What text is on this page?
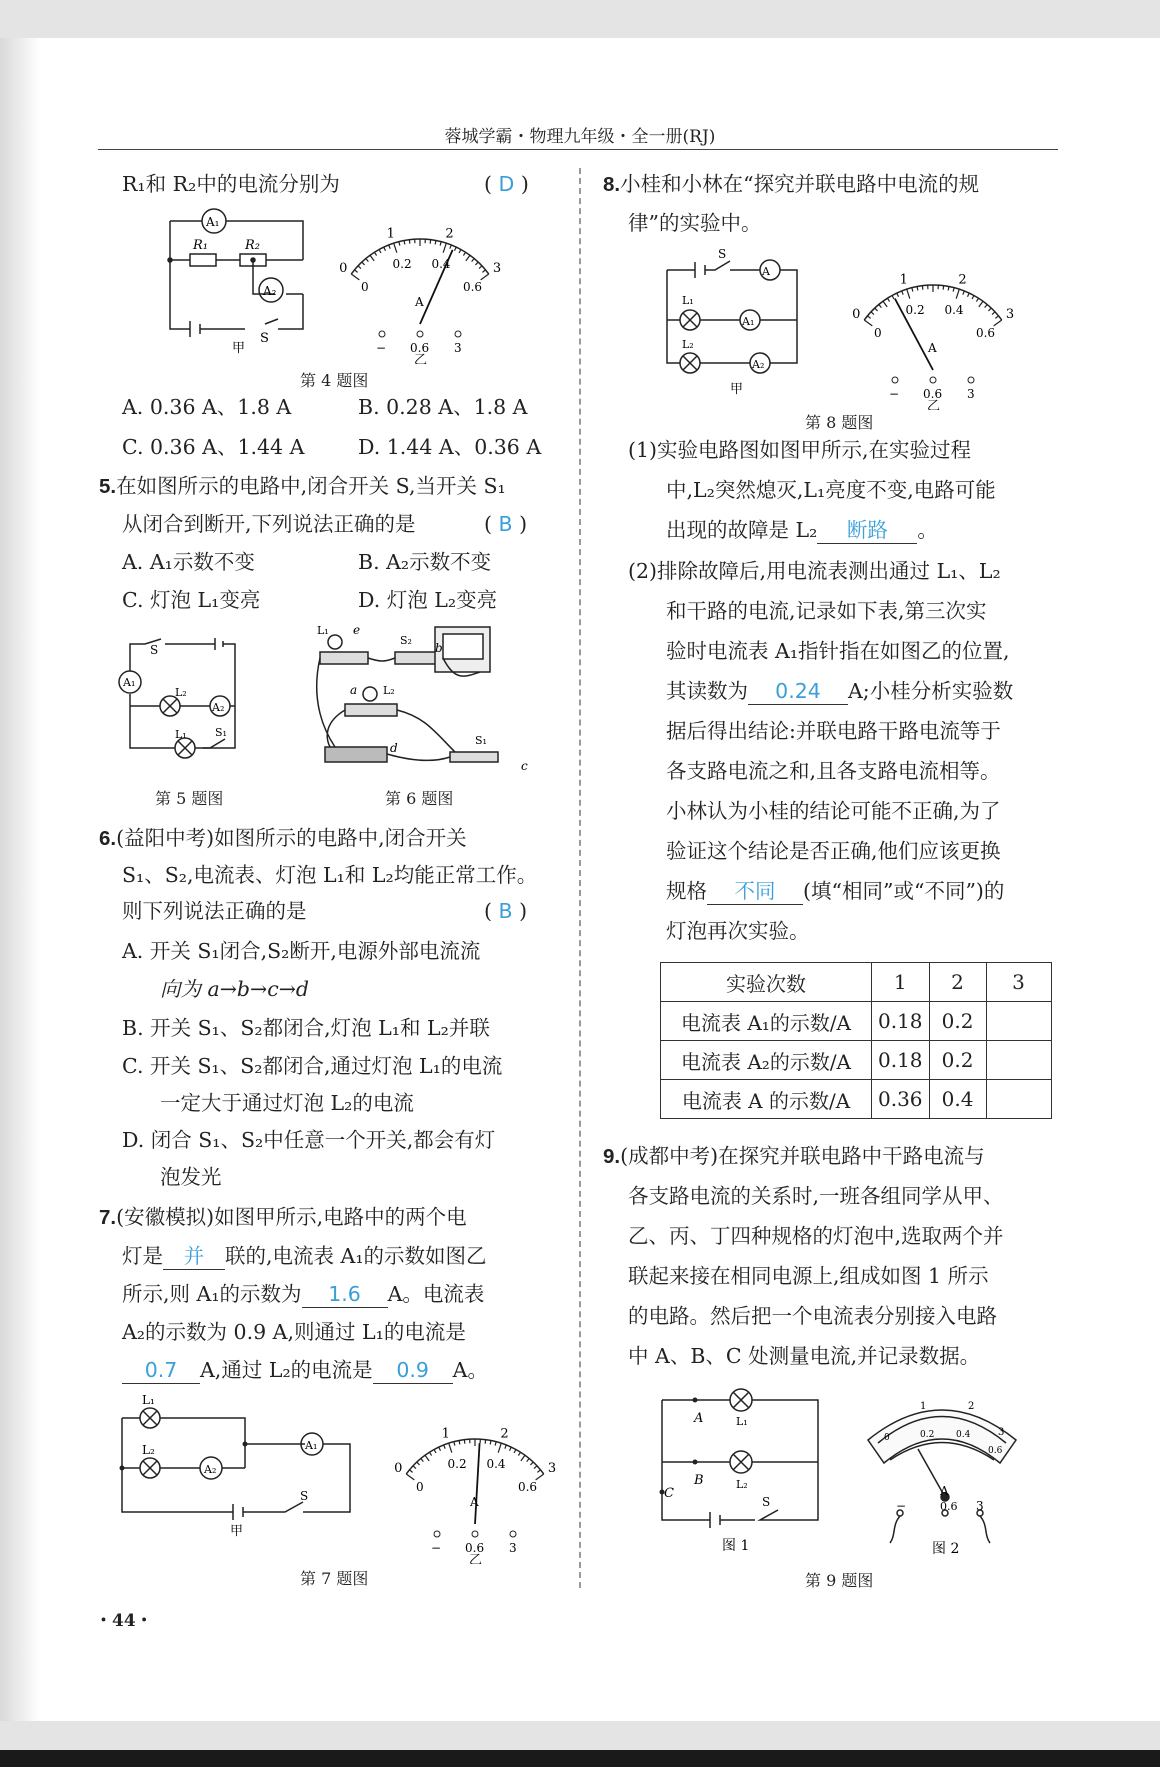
蓉城学霸・物理九年级・全一册(RJ)
R₁和 R₂中的电流分别为	( D )
A₁
A₂
R₁	R₂
S
甲
0
1	2
3
0
0.2 0.4
0.6
A
− 0.6 3
乙
第 4 题图
A. 0.36 A、1.8 A	B. 0.28 A、1.8 A
C. 0.36 A、1.44 A	D. 1.44 A、0.36 A
5.在如图所示的电路中,闭合开关 S,当开关 S₁
从闭合到断开,下列说法正确的是	( B )
A. A₁示数不变	B. A₂示数不变
C. 灯泡 L₁变亮	D. 灯泡 L₂变亮
A₁
A₂
S
L₂
L₁	S₁
L₁ e
S₂
b
a L₂
S₁
d
c
第 5 题图	第 6 题图
6.(益阳中考)如图所示的电路中,闭合开关
S₁、S₂,电流表、灯泡 L₁和 L₂均能正常工作。
则下列说法正确的是	( B )
A. 开关 S₁闭合,S₂断开,电源外部电流流
向为 a→b→c→d
B. 开关 S₁、S₂都闭合,灯泡 L₁和 L₂并联
C. 开关 S₁、S₂都闭合,通过灯泡 L₁的电流
一定大于通过灯泡 L₂的电流
D. 闭合 S₁、S₂中任意一个开关,都会有灯
泡发光
7.(安徽模拟)如图甲所示,电路中的两个电
灯是 并 联的,电流表 A₁的示数如图乙
所示,则 A₁的示数为 1.6 A。电流表
A₂的示数为 0.9 A,则通过 L₁的电流是
0.7 A,通过 L₂的电流是 0.9 A。
L₁
L₂	A₁
A₂
S
甲
0
1	2
3
0
0.2 0.4
0.6
A
− 0.6 3
乙
第 7 题图
・44・
8.小桂和小林在“探究并联电路中电流的规
律”的实验中。
A
A₁
A₂
L₁
L₂
S
甲
0
1	2
3
0
0.2 0.4
0.6
A
− 0.6 3
乙
第 8 题图
(1)实验电路图如图甲所示,在实验过程
中,L₂突然熄灭,L₁亮度不变,电路可能
出现的故障是 L₂ 断路 。
(2)排除故障后,用电流表测出通过 L₁、L₂
和干路的电流,记录如下表,第三次实
验时电流表 A₁指针指在如图乙的位置,
其读数为 0.24 A;小桂分析实验数
据后得出结论:并联电路干路电流等于
各支路电流之和,且各支路电流相等。
小林认为小桂的结论可能不正确,为了
验证这个结论是否正确,他们应该更换
规格 不同 (填“相同”或“不同”)的
灯泡再次实验。
实验次数	1	2	3
电流表 A₁的示数/A	0.18	0.2	
电流表 A₂的示数/A	0.18	0.2	
电流表 A 的示数/A	0.36	0.4	
9.(成都中考)在探究并联电路中干路电流与
各支路电流的关系时,一班各组同学从甲、
乙、丙、丁四种规格的灯泡中,选取两个并
联起来接在相同电源上,组成如图 1 所示
的电路。然后把一个电流表分别接入电路
中 A、B、C 处测量电流,并记录数据。
A
B
C
L₁
L₂
S
图 1
0
1	2
3
0.2 0.4
0.6
A
−	0.6 3
图 2
第 9 题图
